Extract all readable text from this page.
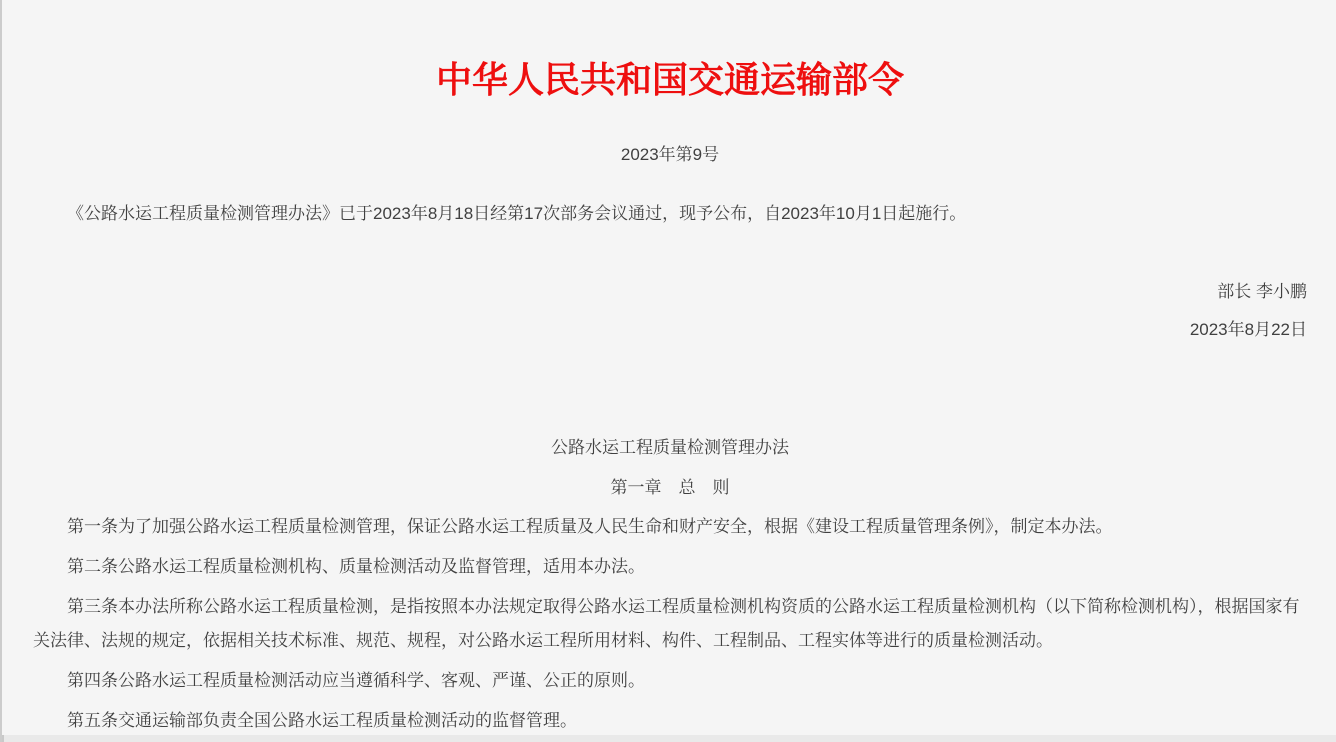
中华人民共和国交通运输部令
2023年第9号

《公路水运工程质量检测管理办法》已于2023年8月18日经第17次部务会议通过，现予公布，自2023年10月1日起施行。

部长 李小鹏
2023年8月22日
公路水运工程质量检测管理办法
第一章　总　则

第一条为了加强公路水运工程质量检测管理，保证公路水运工程质量及人民生命和财产安全，根据《建设工程质量管理条例》，制定本办法。

第二条公路水运工程质量检测机构、质量检测活动及监督管理，适用本办法。

第三条本办法所称公路水运工程质量检测，是指按照本办法规定取得公路水运工程质量检测机构资质的公路水运工程质量检测机构（以下简称检测机构），根据国家有关法律、法规的规定，依据相关技术标准、规范、规程，对公路水运工程所用材料、构件、工程制品、工程实体等进行的质量检测活动。

第四条公路水运工程质量检测活动应当遵循科学、客观、严谨、公正的原则。

第五条交通运输部负责全国公路水运工程质量检测活动的监督管理。
